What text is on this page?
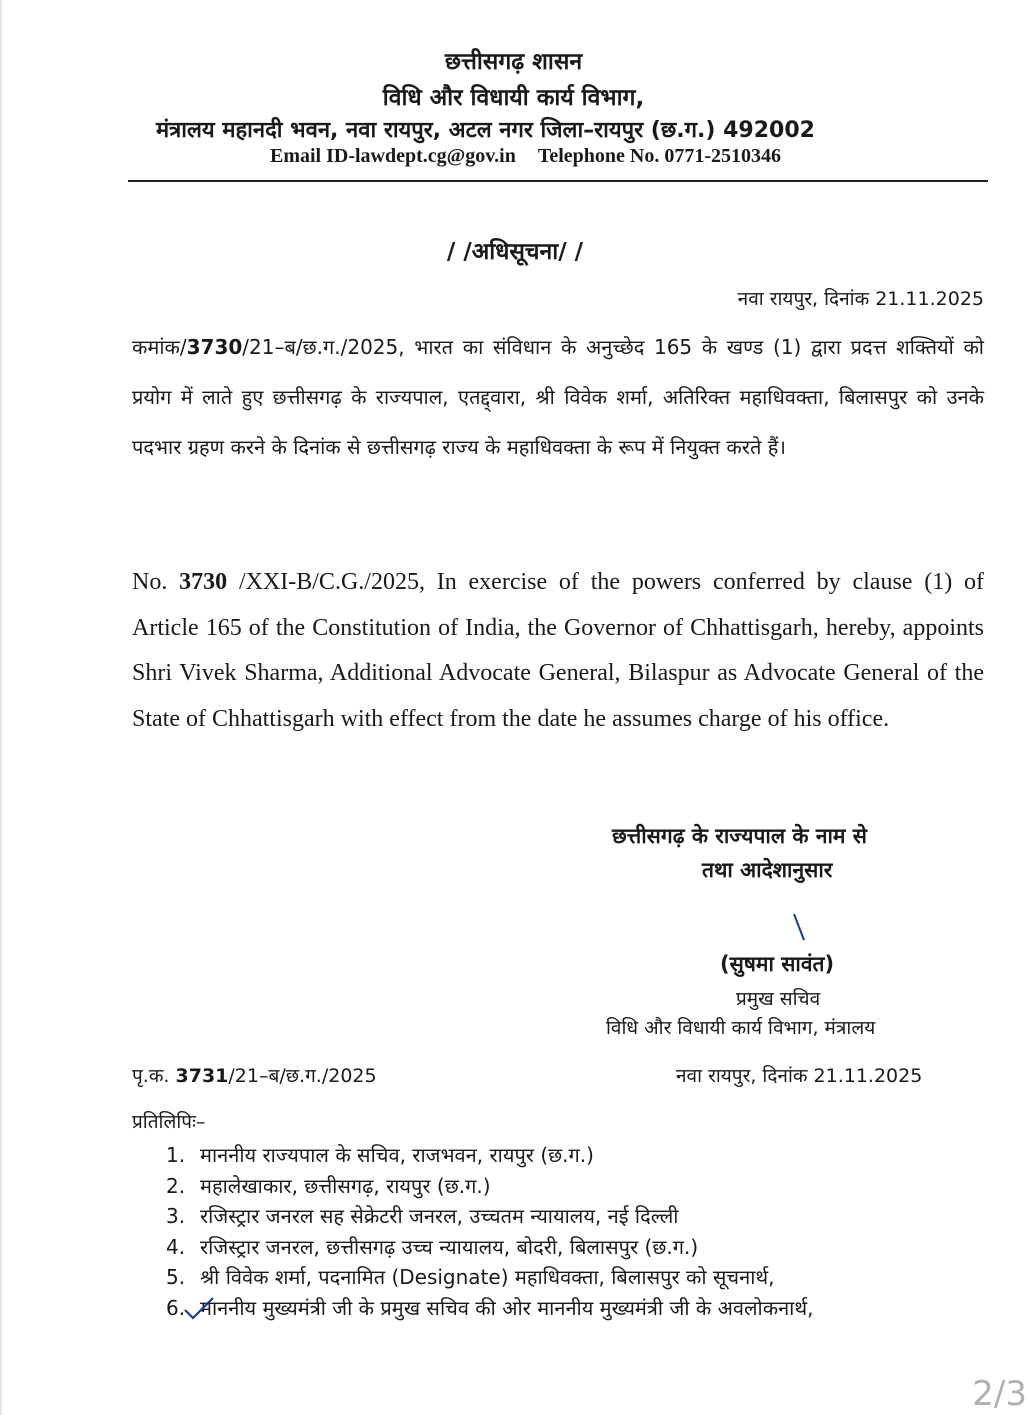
छत्तीसगढ़ शासन
विधि और विधायी कार्य विभाग,
मंत्रालय महानदी भवन, नवा रायपुर, अटल नगर जिला–रायपुर (छ.ग.) 492002
Email ID-lawdept.cg@gov.in Telephone No. 0771-2510346
/ /अधिसूचना/ /
नवा रायपुर, दिनांक 21.11.2025
कमांक/3730/21–ब/छ.ग./2025, भारत का संविधान के अनुच्छेद 165 के खण्ड (1) द्वारा प्रदत्त शक्तियों को प्रयोग में लाते हुए छत्तीसगढ़ के राज्यपाल, एतद्द्वारा, श्री विवेक शर्मा, अतिरिक्त महाधिवक्ता, बिलासपुर को उनके पदभार ग्रहण करने के दिनांक से छत्तीसगढ़ राज्य के महाधिवक्ता के रूप में नियुक्त करते हैं।
No. 3730 /XXI-B/C.G./2025, In exercise of the powers conferred by clause (1) of Article 165 of the Constitution of India, the Governor of Chhattisgarh, hereby, appoints Shri Vivek Sharma, Additional Advocate General, Bilaspur as Advocate General of the State of Chhattisgarh with effect from the date he assumes charge of his office.
छत्तीसगढ़ के राज्यपाल के नाम से
तथा आदेशानुसार
(सुषमा सावंत)
प्रमुख सचिव
विधि और विधायी कार्य विभाग, मंत्रालय
पृ.क. 3731/21–ब/छ.ग./2025	नवा रायपुर, दिनांक 21.11.2025
प्रतिलिपिः–
1. माननीय राज्यपाल के सचिव, राजभवन, रायपुर (छ.ग.)
2. महालेखाकार, छत्तीसगढ़, रायपुर (छ.ग.)
3. रजिस्ट्रार जनरल सह सेक्रेटरी जनरल, उच्चतम न्यायालय, नई दिल्ली
4. रजिस्ट्रार जनरल, छत्तीसगढ़ उच्च न्यायालय, बोदरी, बिलासपुर (छ.ग.)
5. श्री विवेक शर्मा, पदनामित (Designate) महाधिवक्ता, बिलासपुर को सूचनार्थ,
6. माननीय मुख्यमंत्री जी के प्रमुख सचिव की ओर माननीय मुख्यमंत्री जी के अवलोकनार्थ,
2/3
